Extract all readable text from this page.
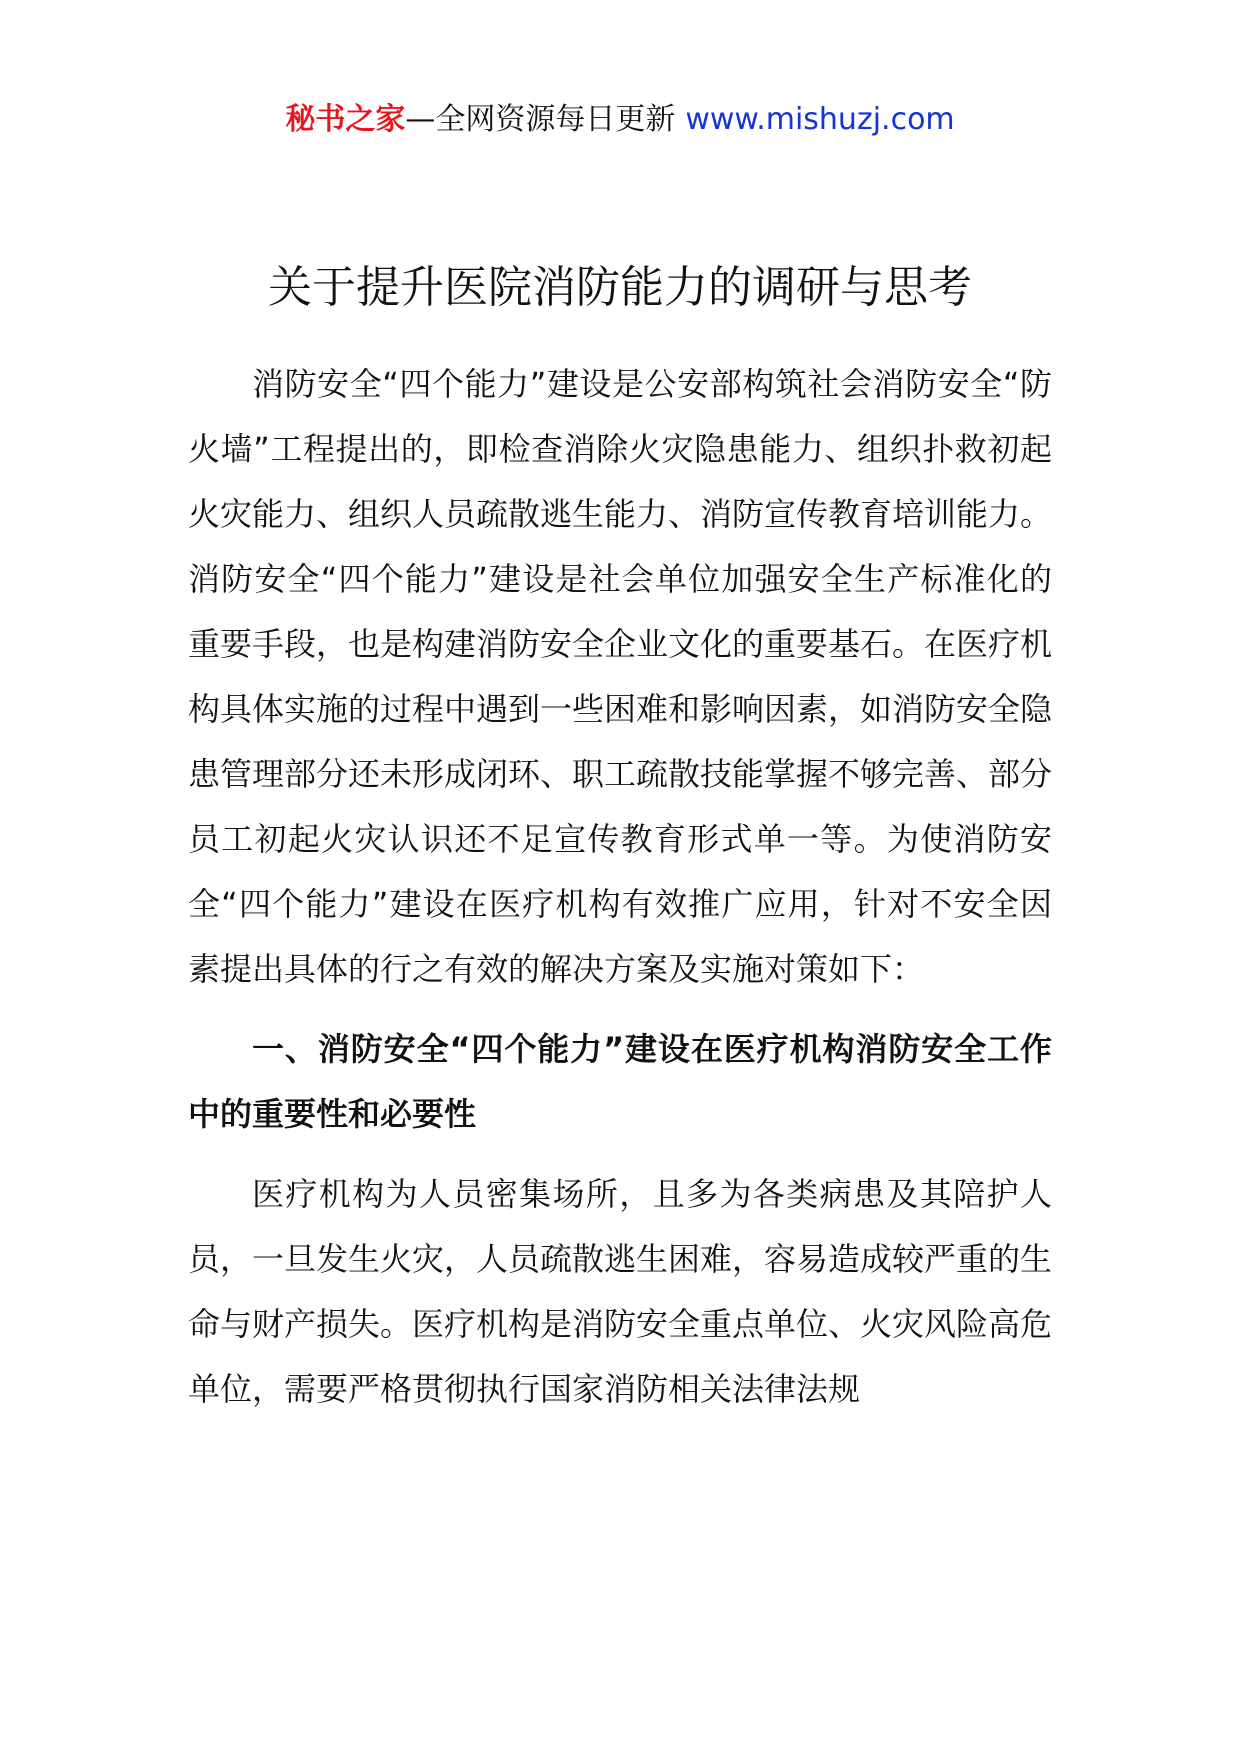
秘书之家—全网资源每日更新 www.mishuzj.com
关于提升医院消防能力的调研与思考

消防安全“四个能力”建设是公安部构筑社会消防安全“防火墙”工程提出的，即检查消除火灾隐患能力、组织扑救初起火灾能力、组织人员疏散逃生能力、消防宣传教育培训能力。消防安全“四个能力”建设是社会单位加强安全生产标准化的重要手段，也是构建消防安全企业文化的重要基石。在医疗机构具体实施的过程中遇到一些困难和影响因素，如消防安全隐患管理部分还未形成闭环、职工疏散技能掌握不够完善、部分员工初起火灾认识还不足宣传教育形式单一等。为使消防安全“四个能力”建设在医疗机构有效推广应用，针对不安全因素提出具体的行之有效的解决方案及实施对策如下：

一、消防安全“四个能力”建设在医疗机构消防安全工作中的重要性和必要性

医疗机构为人员密集场所，且多为各类病患及其陪护人员，一旦发生火灾，人员疏散逃生困难，容易造成较严重的生命与财产损失。医疗机构是消防安全重点单位、火灾风险高危单位，需要严格贯彻执行国家消防相关法律法规
